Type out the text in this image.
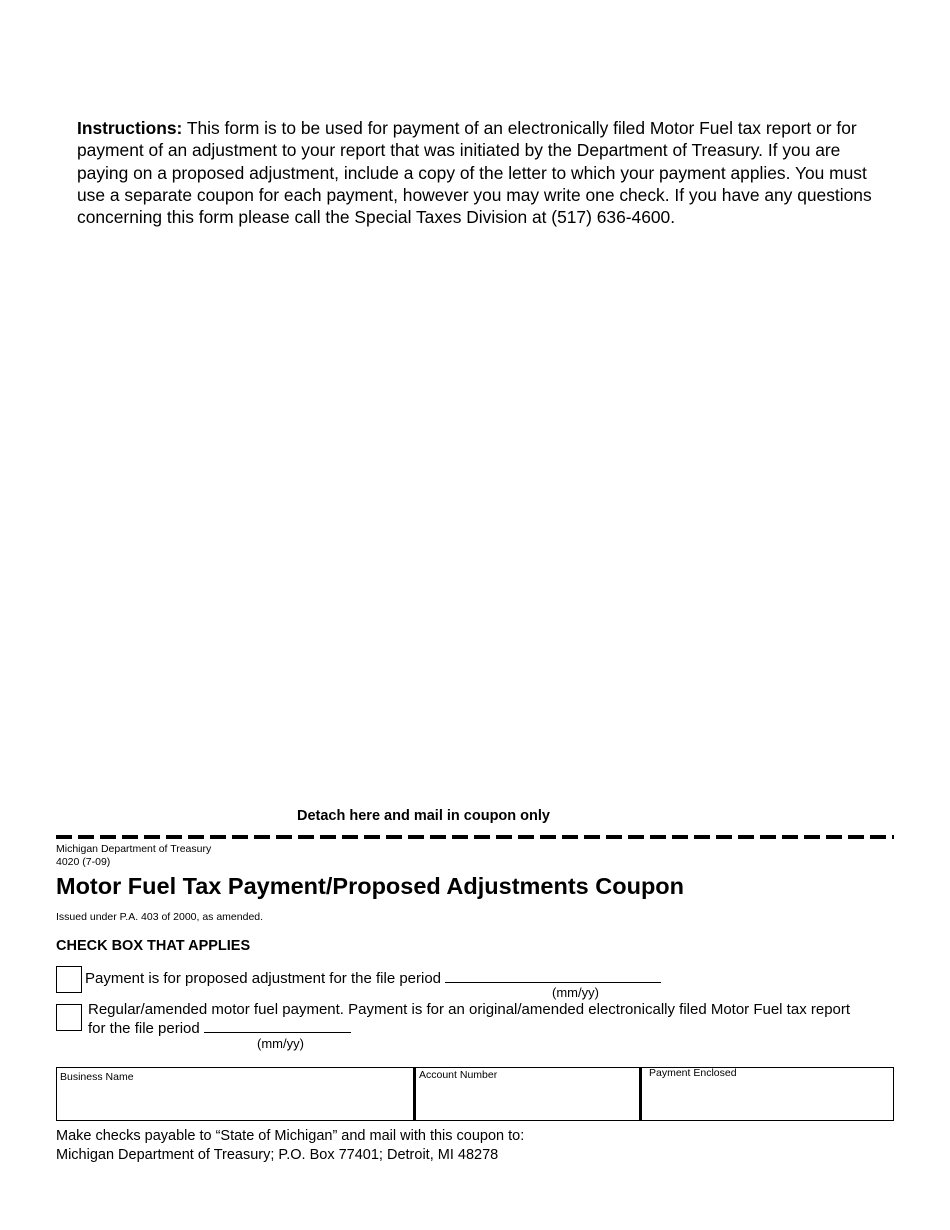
Instructions: This form is to be used for payment of an electronically filed Motor Fuel tax report or for payment of an adjustment to your report that was initiated by the Department of Treasury. If you are paying on a proposed adjustment, include a copy of the letter to which your payment applies. You must use a separate coupon for each payment, however you may write one check. If you have any questions concerning this form please call the Special Taxes Division at (517) 636-4600.
Detach here and mail in coupon only
Michigan Department of Treasury
4020 (7-09)
Motor Fuel Tax Payment/Proposed Adjustments Coupon
Issued under P.A. 403 of 2000, as amended.
CHECK BOX THAT APPLIES
Payment is for proposed adjustment for the file period
(mm/yy)
Regular/amended motor fuel payment. Payment is for an original/amended electronically filed Motor Fuel tax report
for the file period
(mm/yy)
Business Name	Account Number	Payment Enclosed
Make checks payable to “State of Michigan” and mail with this coupon to:
Michigan Department of Treasury; P.O. Box 77401; Detroit, MI 48278
